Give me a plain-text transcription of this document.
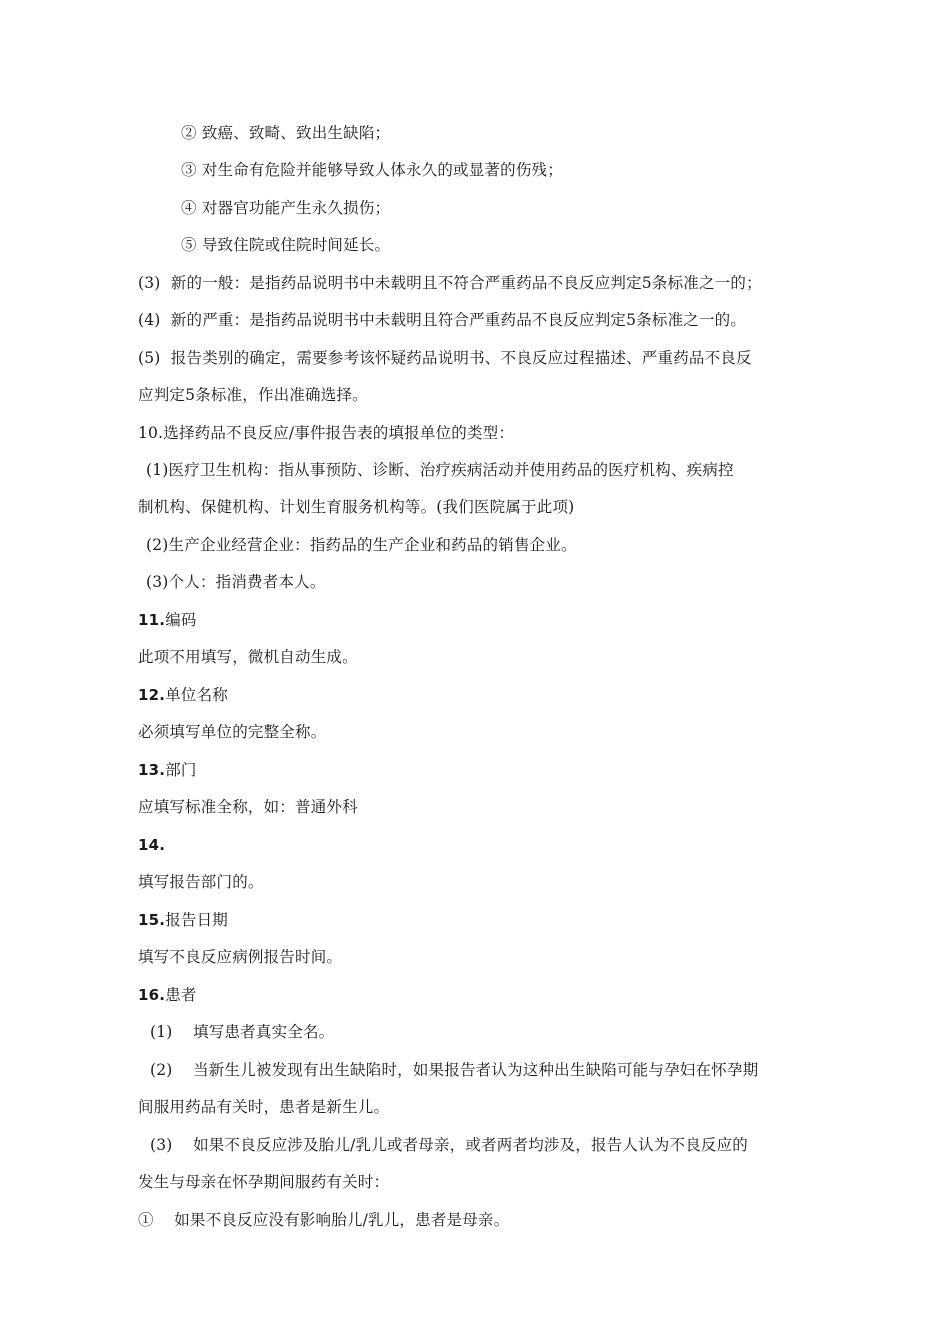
② 致癌、致畸、致出生缺陷；
③ 对生命有危险并能够导致人体永久的或显著的伤残；
④ 对器官功能产生永久损伤；
⑤ 导致住院或住院时间延长。
(3)  新的一般：是指药品说明书中未载明且不符合严重药品不良反应判定5条标准之一的；
(4)  新的严重：是指药品说明书中未载明且符合严重药品不良反应判定5条标准之一的。
(5)  报告类别的确定，需要参考该怀疑药品说明书、不良反应过程描述、严重药品不良反
应判定5条标准，作出准确选择。
10.选择药品不良反应/事件报告表的填报单位的类型：
(1)医疗卫生机构：指从事预防、诊断、治疗疾病活动并使用药品的医疗机构、疾病控
制机构、保健机构、计划生育服务机构等。(我们医院属于此项)
(2)生产企业经营企业：指药品的生产企业和药品的销售企业。
(3)个人：指消费者本人。
11.编码
此项不用填写，微机自动生成。
12.单位名称
必须填写单位的完整全称。
13.部门
应填写标准全称，如：普通外科
14.
填写报告部门的。
15.报告日期
填写不良反应病例报告时间。
16.患者
(1)    填写患者真实全名。
(2)    当新生儿被发现有出生缺陷时，如果报告者认为这种出生缺陷可能与孕妇在怀孕期
间服用药品有关时，患者是新生儿。
(3)    如果不良反应涉及胎儿/乳儿或者母亲，或者两者均涉及，报告人认为不良反应的
发生与母亲在怀孕期间服药有关时：
①    如果不良反应没有影响胎儿/乳儿，患者是母亲。
